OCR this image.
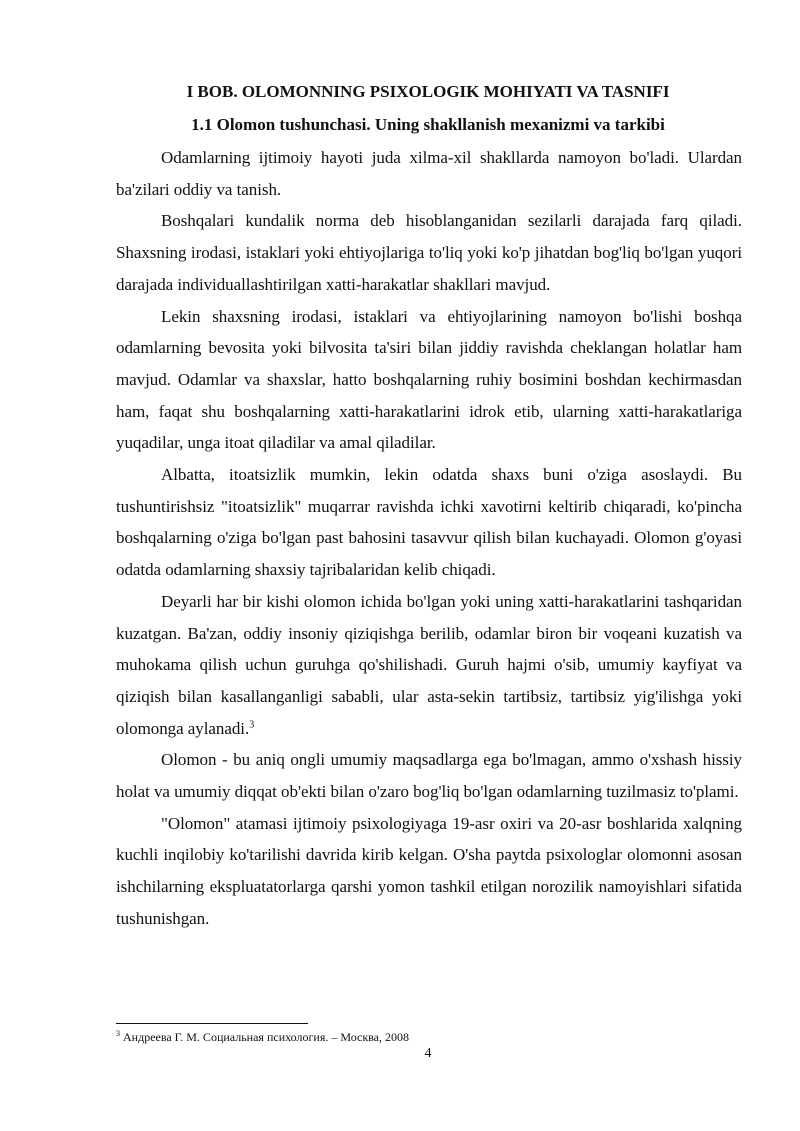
I BOB. OLOMONNING PSIXOLOGIK MOHIYATI VA TASNIFI
1.1 Olomon tushunchasi. Uning shakllanish mexanizmi va tarkibi

Odamlarning ijtimoiy hayoti juda xilma-xil shakllarda namoyon bo'ladi. Ulardan ba'zilari oddiy va tanish.

Boshqalari kundalik norma deb hisoblanganidan sezilarli darajada farq qiladi. Shaxsning irodasi, istaklari yoki ehtiyojlariga to'liq yoki ko'p jihatdan bog'liq bo'lgan yuqori darajada individuallashtirilgan xatti-harakatlar shakllari mavjud.

Lekin shaxsning irodasi, istaklari va ehtiyojlarining namoyon bo'lishi boshqa odamlarning bevosita yoki bilvosita ta'siri bilan jiddiy ravishda cheklangan holatlar ham mavjud. Odamlar va shaxslar, hatto boshqalarning ruhiy bosimini boshdan kechirmasdan ham, faqat shu boshqalarning xatti-harakatlarini idrok etib, ularning xatti-harakatlariga yuqadilar, unga itoat qiladilar va amal qiladilar.

Albatta, itoatsizlik mumkin, lekin odatda shaxs buni o'ziga asoslaydi. Bu tushuntirishsiz "itoatsizlik" muqarrar ravishda ichki xavotirni keltirib chiqaradi, ko'pincha boshqalarning o'ziga bo'lgan past bahosini tasavvur qilish bilan kuchayadi. Olomon g'oyasi odatda odamlarning shaxsiy tajribalaridan kelib chiqadi.

Deyarli har bir kishi olomon ichida bo'lgan yoki uning xatti-harakatlarini tashqaridan kuzatgan. Ba'zan, oddiy insoniy qiziqishga berilib, odamlar biron bir voqeani kuzatish va muhokama qilish uchun guruhga qo'shilishadi. Guruh hajmi o'sib, umumiy kayfiyat va qiziqish bilan kasallanganligi sababli, ular asta-sekin tartibsiz, tartibsiz yig'ilishga yoki olomonga aylanadi.$^3$

Olomon - bu aniq ongli umumiy maqsadlarga ega bo'lmagan, ammo o'xshash hissiy holat va umumiy diqqat ob'ekti bilan o'zaro bog'liq bo'lgan odamlarning tuzilmasiz to'plami.

"Olomon" atamasi ijtimoiy psixologiyaga 19-asr oxiri va 20-asr boshlarida xalqning kuchli inqilobiy ko'tarilishi davrida kirib kelgan. O'sha paytda psixologlar olomonni asosan ishchilarning ekspluatatorlarga qarshi yomon tashkil etilgan norozilik namoyishlari sifatida tushunishgan.

$^3$ Андреева Г. М. Социальная психология. – Москва, 2008
4
